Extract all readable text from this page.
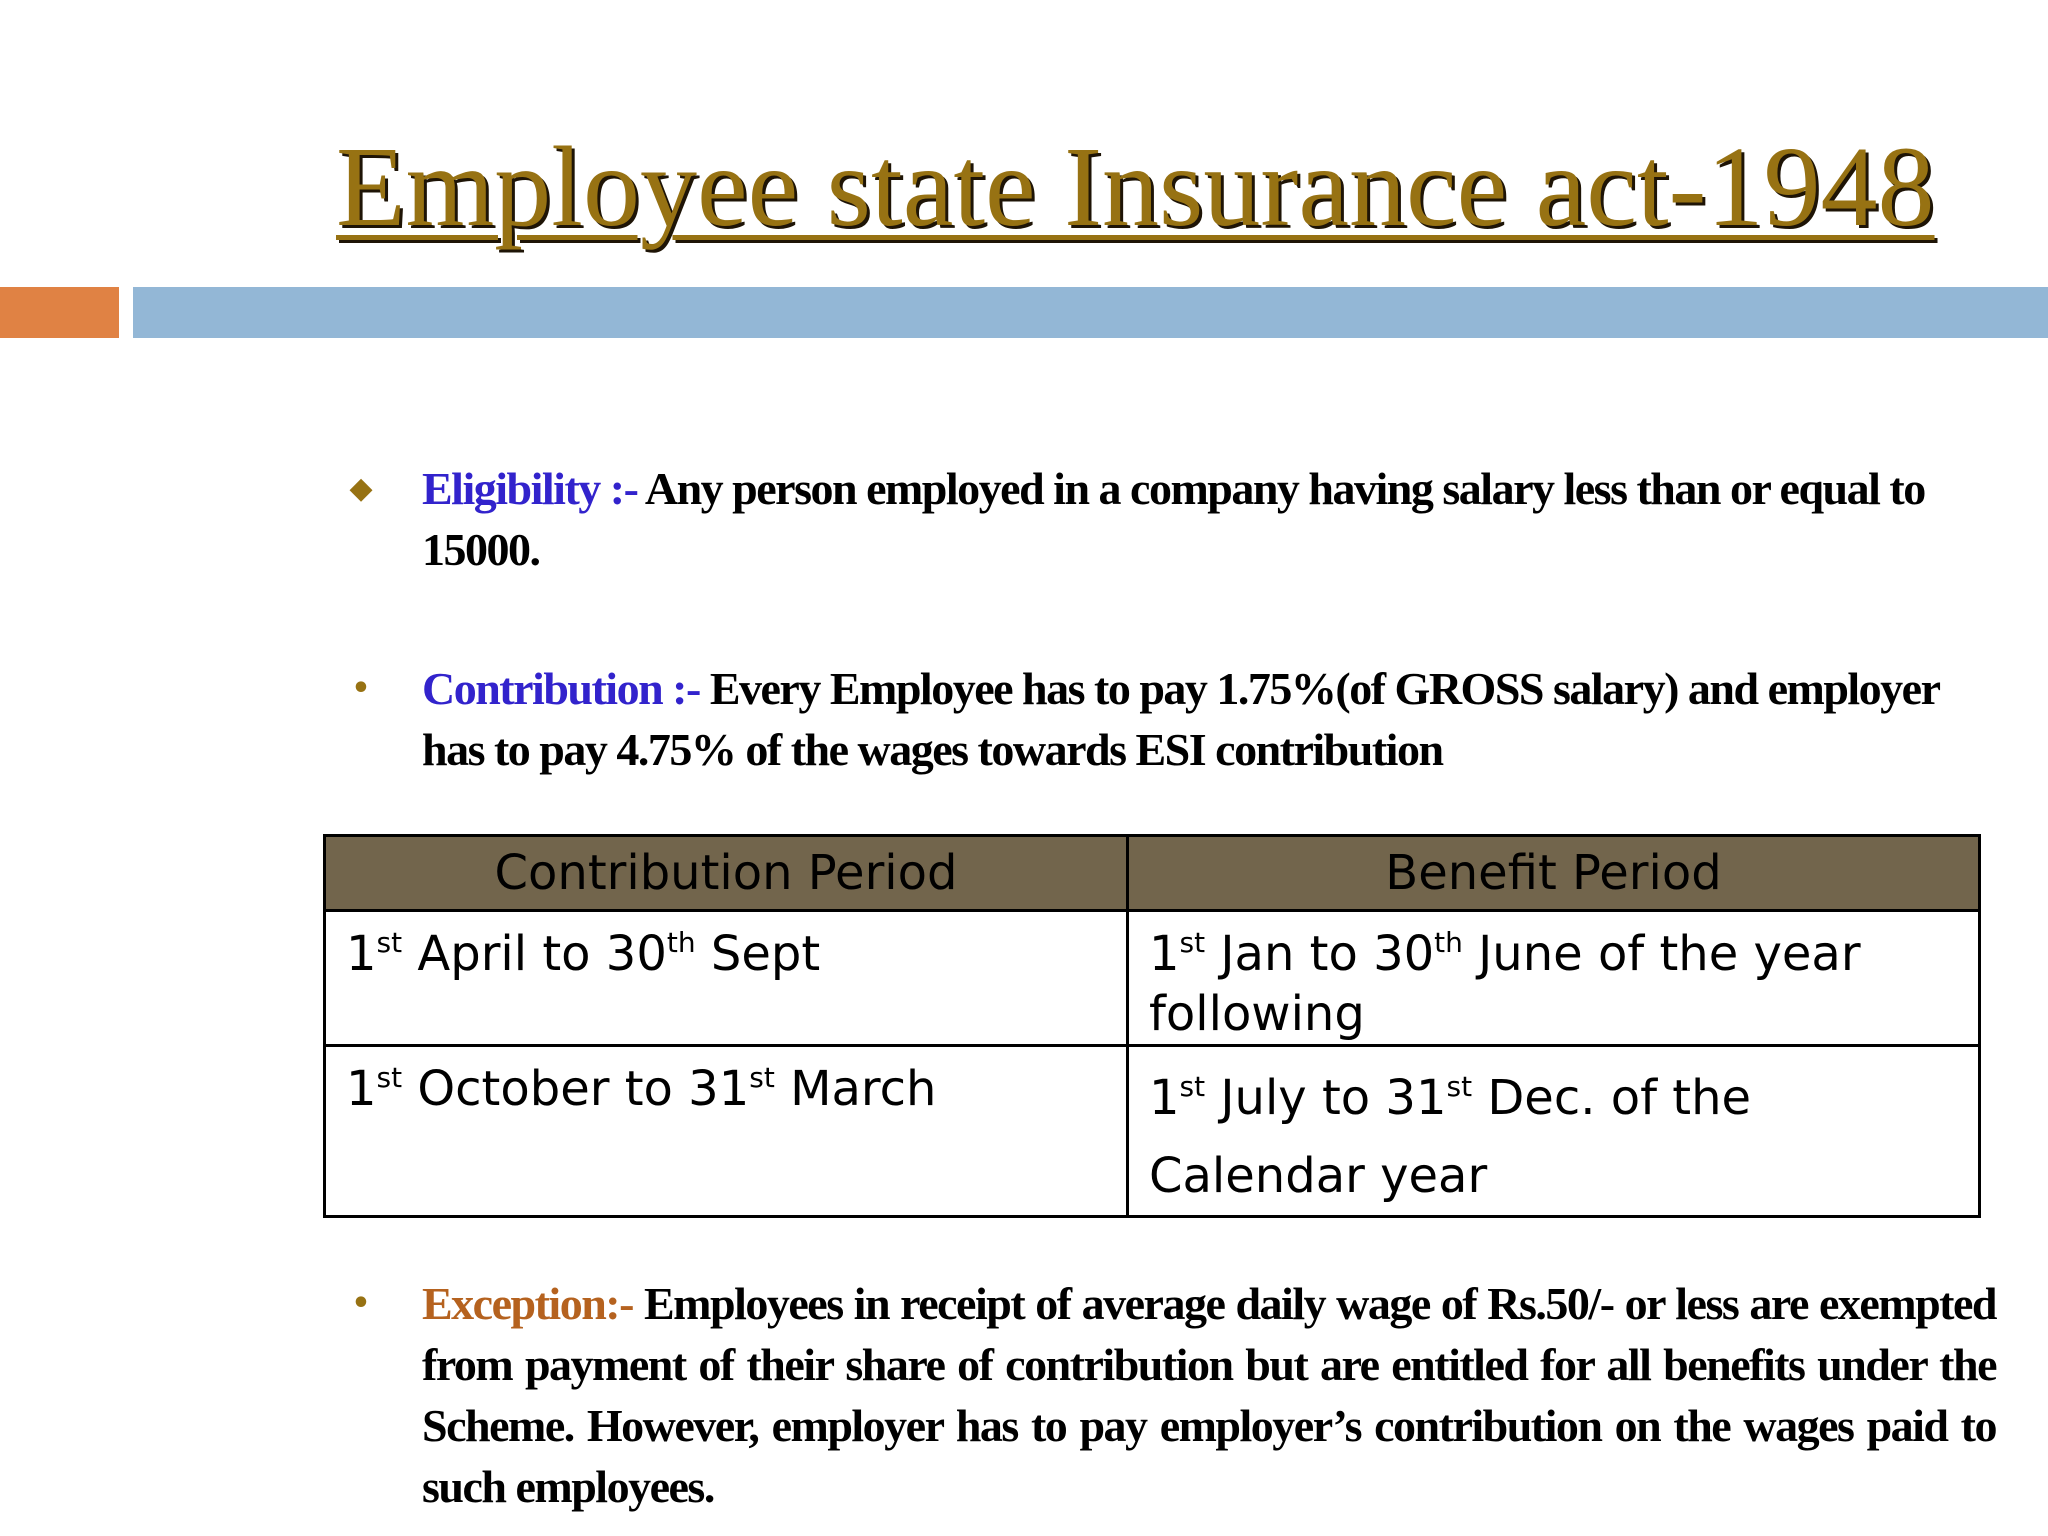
Employee state Insurance act-1948
◆ Eligibility :- Any person employed in a company having salary less than or equal to 15000.
• Contribution :- Every Employee has to pay 1.75%(of GROSS salary) and employer has to pay 4.75% of the wages towards ESI contribution
Contribution Period	Benefit Period
1st April to 30th Sept	1st Jan to 30th June of the year following
1st October to 31st March	1st July to 31st Dec. of the Calendar year
• Exception:- Employees in receipt of average daily wage of Rs.50/- or less are exempted from payment of their share of contribution but are entitled for all benefits under the Scheme. However, employer has to pay employer’s contribution on the wages paid to such employees.
